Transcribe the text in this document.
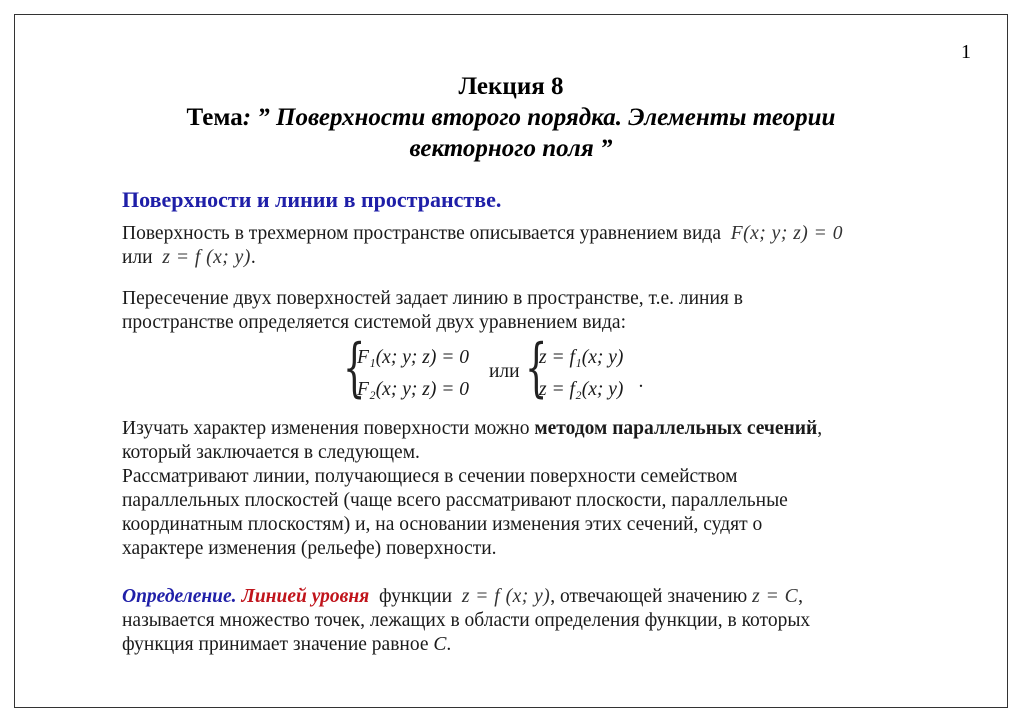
1
Лекция 8
Тема: ” Поверхности второго порядка. Элементы теории
векторного поля ”
Поверхности и линии в пространстве.
Поверхность в трехмерном пространстве описывается уравнением вида F(x; y; z) = 0
или z = f (x; y).
Пересечение двух поверхностей задает линию в пространстве, т.е. линия в
пространстве определяется системой двух уравнением вида:
{
F₁(x; y; z) = 0
F₂(x; y; z) = 0
или {
z = f₁(x; y)
z = f₂(x; y) .
Изучать характер изменения поверхности можно методом параллельных сечений,
который заключается в следующем.
Рассматривают линии, получающиеся в сечении поверхности семейством
параллельных плоскостей (чаще всего рассматривают плоскости, параллельные
координатным плоскостям) и, на основании изменения этих сечений, судят о
характере изменения (рельефе) поверхности.
Определение. Линией уровня функции z = f (x; y), отвечающей значению z = C,
называется множество точек, лежащих в области определения функции, в которых
функция принимает значение равное C.
